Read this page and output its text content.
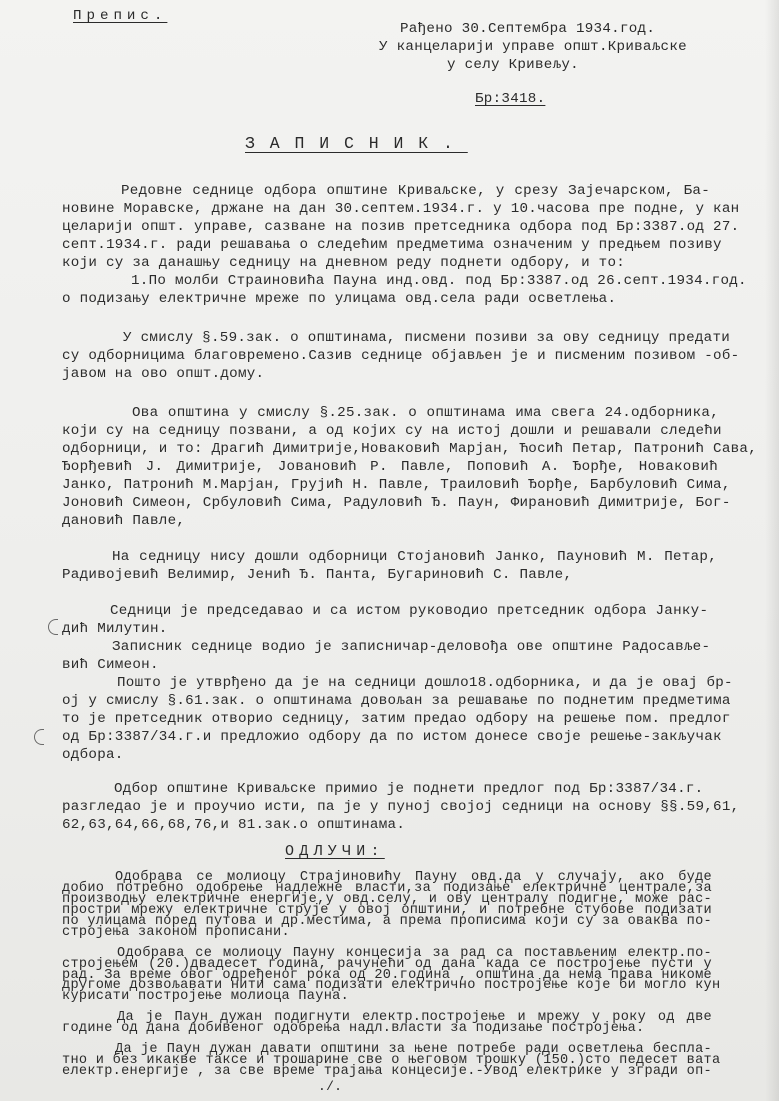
Препис.
Рађено 30.Септембра 1934.год.
У канцеларији управе општ.Криваљске
у селу Кривељу.
Бр:3418.
ЗАПИСНИК.
Редовне седнице одбора општине Криваљске, у срезу Зајечарском, Ба-
новине Моравске, држане на дан 30.септем.1934.г. у 10.часова пре подне, у кан
целарији општ. управе, сазване на позив претседника одбора под Бр:3387.од 27.
септ.1934.г. ради решавања о следећим предметима означеним у предњем позиву
који су за данашњу седницу на дневном реду поднети одбору, и то:
1.По молби Страиновића Пауна инд.овд. под Бр:3387.од 26.септ.1934.год.
о подизању електричне мреже по улицама овд.села ради осветлења.
У смислу §.59.зак. о општинама, писмени позиви за ову седницу предати
су одборницима благовремено.Сазив седнице објављен је и писменим позивом -об-
јавом на ово општ.дому.
Ова општина у смислу §.25.зак. о општинама има свега 24.одборника,
који су на седницу позвани, а од којих су на истој дошли и решавали следећи
одборници, и то: Драгић Димитрије,Новаковић Марјан, Ћосић Петар, Патронић Сава,
Ђорђевић Ј. Димитрије, Јовановић Р. Павле, Поповић А. Ђорђе, Новаковић
Јанко, Патронић М.Марјан, Грујић Н. Павле, Траиловић Ђорђе, Барбуловић Сима,
Јоновић Симеон, Србуловић Сима, Радуловић Ђ. Паун, Фирановић Димитрије, Бог-
дановић Павле,
На седницу нису дошли одборници Стојановић Јанко, Пауновић М. Петар,
Радивојевић Велимир, Јенић Ђ. Панта, Бугариновић С. Павле,
Седници је председавао и са истом руководио претседник одбора Јанку-
дић Милутин.
Записник седнице водио је записничар-деловођа ове општине Радосавље-
вић Симеон.
Пошто је утврђено да је на седници дошло18.одборника, и да је овај бр-
ој у смислу §.61.зак. о општинама довољан за решавање по поднетим предметима
то је претседник отворио седницу, затим предао одбору на решење пом. предлог
од Бр:3387/34.г.и предложио одбору да по истом донесе своје решење-закључак
одбора.
Одбор општине Криваљске примио је поднети предлог под Бр:3387/34.г.
разгледао је и проучио исти, па је у пуној својој седници на основу §§.59,61,
62,63,64,66,68,76,и 81.зак.о општинама.
ОДЛУЧИ:
Одобрава се молиоцу Страјиновићу Пауну овд.да у случају, ако буде
добио потребно одобрење надлежне власти,за подизање електричне централе,за
производњу електричне енергије,у овд.селу, и ову централу подигне, може рас-
простри мрежу електричне струје у овој општини, и потребне стубове подизати
по улицама поред путова и др.местима, а према прописима који су за оваква по-
стројења законом прописани.
Одобрава се молиоцу Пауну концесија за рад са постављеним електр.по-
стројењем (20.)двадесет година, рачунећи од дана када се постројење пусти у
рад. За време овог одређеног рока од 20.година , општина да нема права никоме
другоме дозвољавати нити сама подизати електрично постројење које би могло кун
курисати постројење молиоца Пауна.
Да је Паун дужан подигнути електр.постројење и мрежу у року од две
године од дана добивеног одобрења надл.власти за подизање постројења.
Да је Паун дужан давати општини за њене потребе ради осветлења беспла-
тно и без икакве таксе и трошарине све о његовом трошку (150.)сто педесет вата
електр.енергије , за све време трајања концесије.-Увод електрике у згради оп-
./.
